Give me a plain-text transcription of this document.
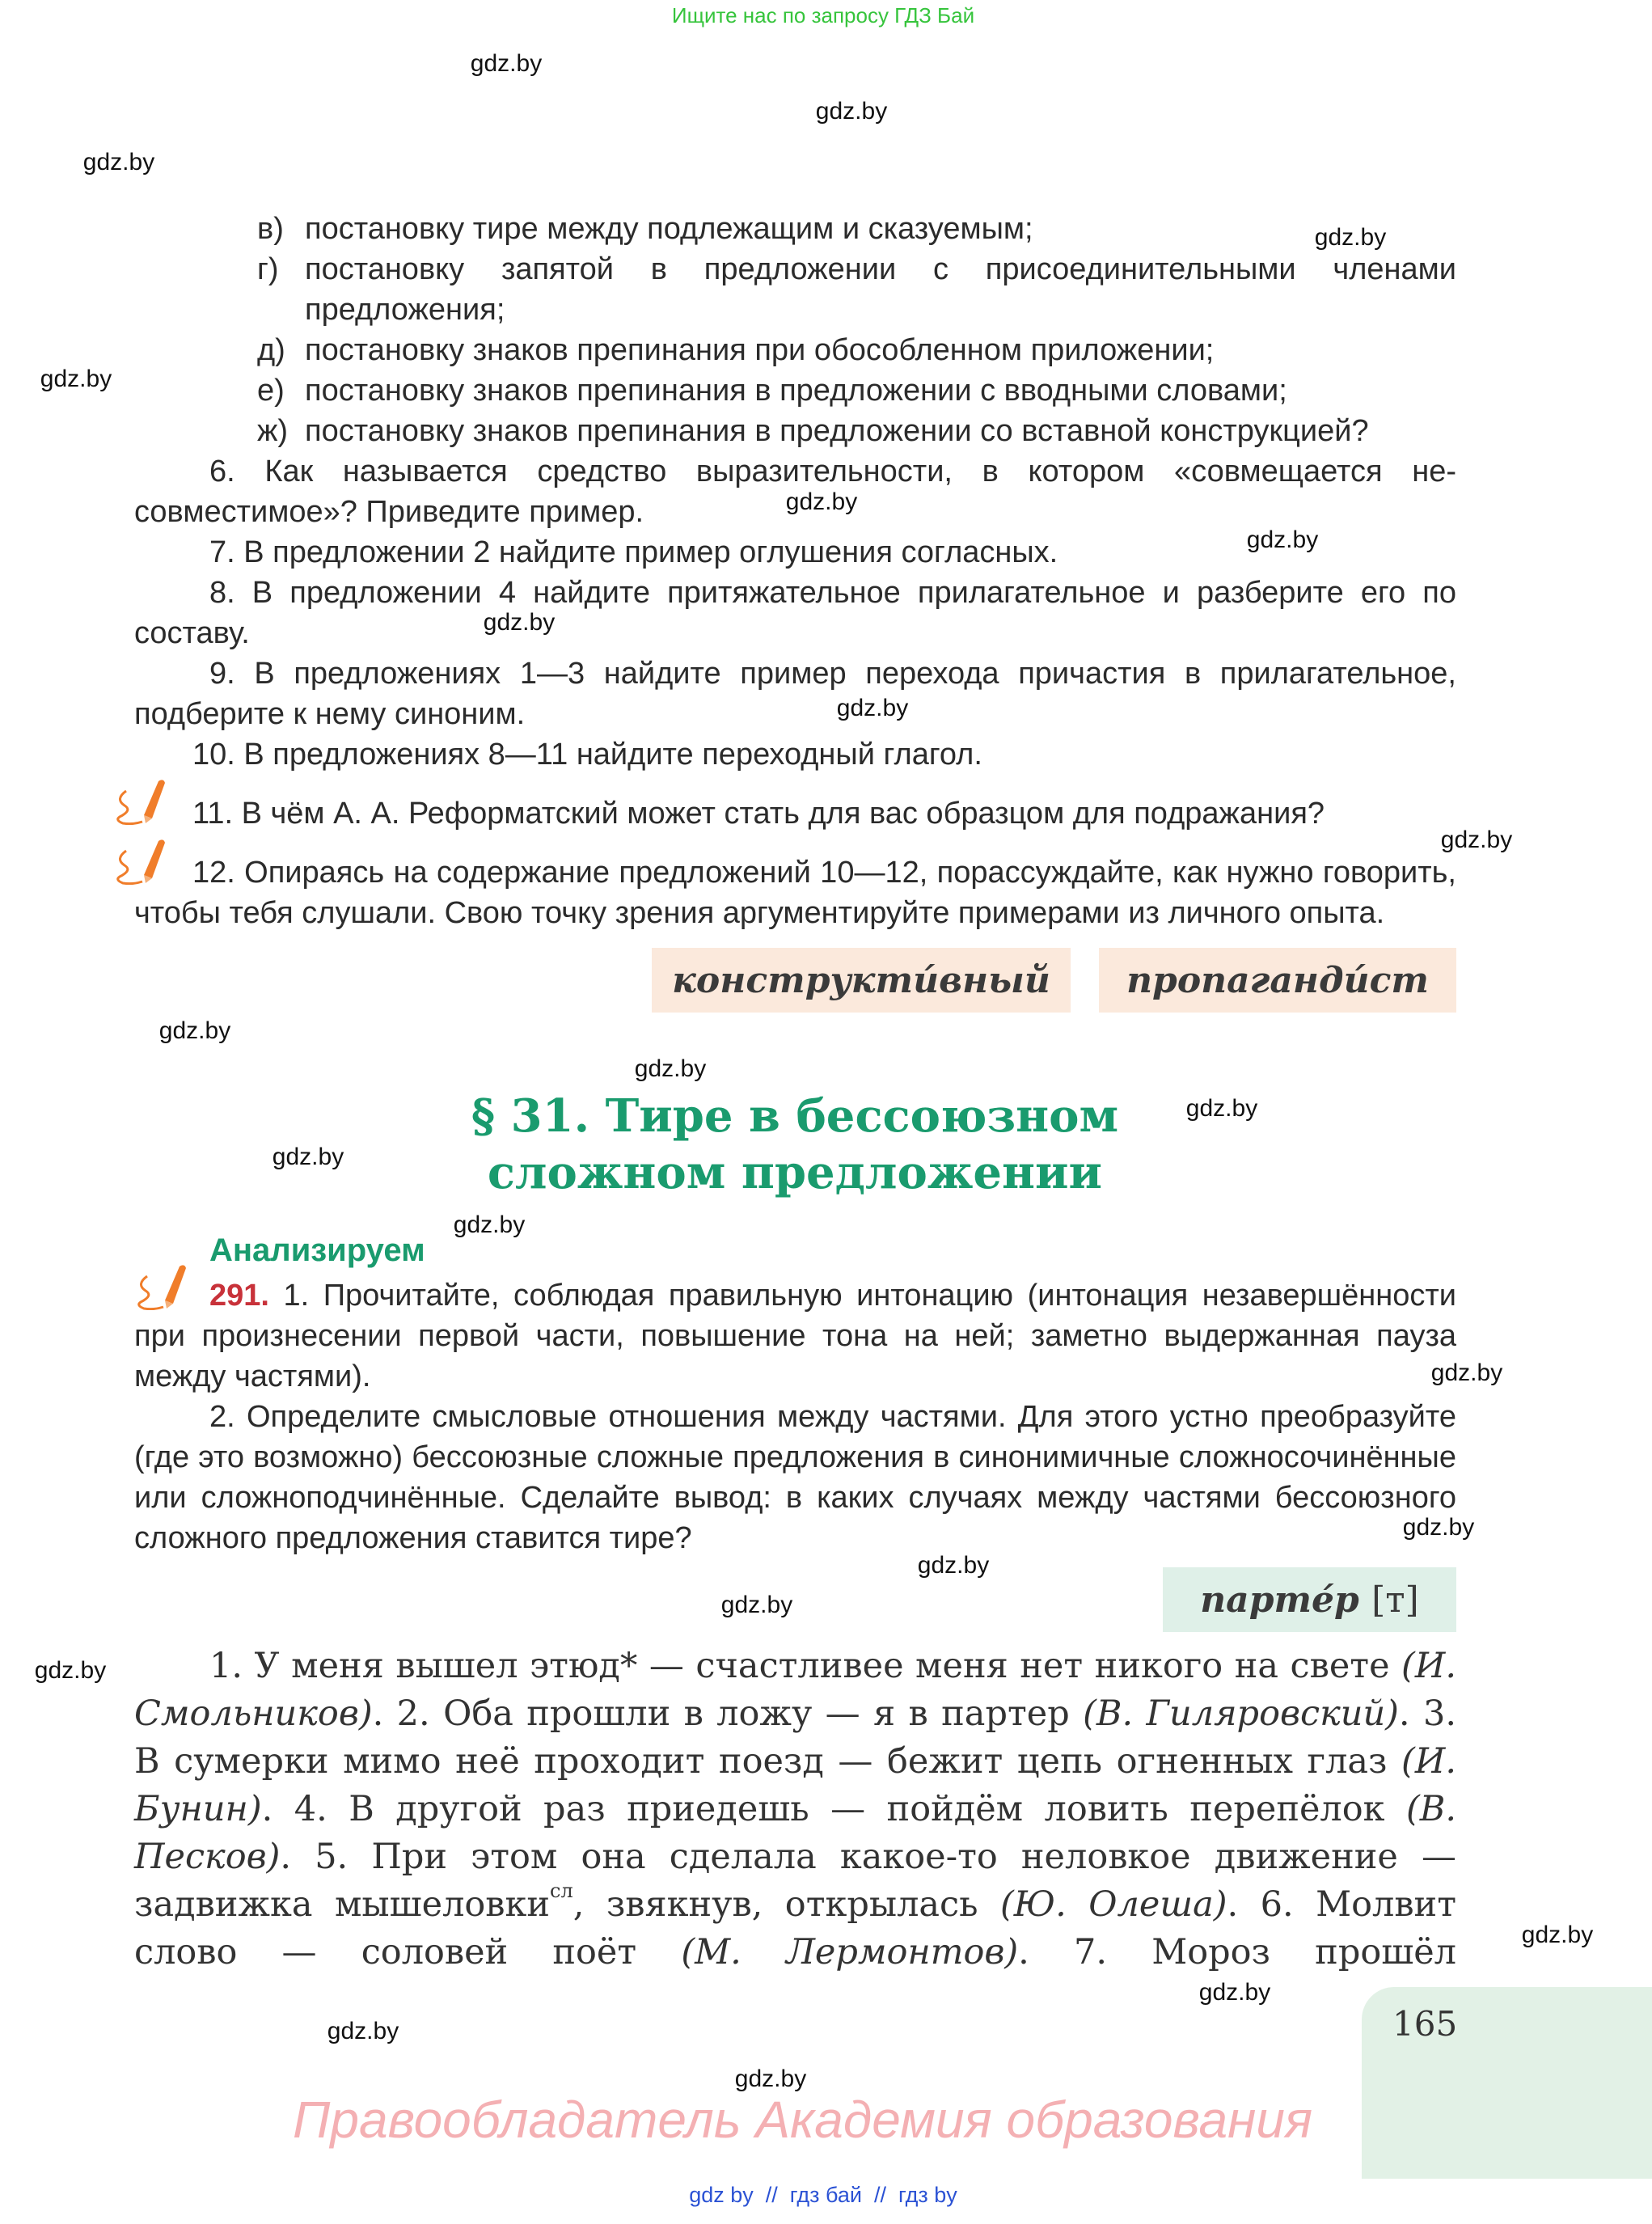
Ищите нас по запросу ГДЗ Бай
gdz.by
gdz.by
gdz.by
gdz.by
gdz.by
gdz.by
gdz.by
gdz.by
gdz.by
gdz.by
gdz.by
gdz.by
gdz.by
gdz.by
gdz.by
gdz.by
gdz.by
gdz.by
gdz.by
gdz.by
gdz.by
gdz.by
gdz.by
gdz.by
в) постановку тире между подлежащим и сказуемым;
г) постановку запятой в предложении с присоединительными членами предложения;
д) постановку знаков препинания при обособленном приложении;
е) постановку знаков препинания в предложении с вводными словами;
ж) постановку знаков препинания в предложении со вставной конструкцией?

6. Как называется средство выразительности, в котором «совмещается несовместимое»? Приведите пример.

7. В предложении 2 найдите пример оглушения согласных.

8. В предложении 4 найдите притяжательное прилагательное и разберите его по составу.

9. В предложениях 1—3 найдите пример перехода причастия в прилагательное, подберите к нему синоним.

10. В предложениях 8—11 найдите переходный глагол.

11. В чём А. А. Реформатский может стать для вас образцом для подражания?

12. Опираясь на содержание предложений 10—12, порассуждайте, как нужно говорить, чтобы тебя слушали. Свою точку зрения аргументируйте примерами из личного опыта.

конструкти́вный пропаганди́ст
§ 31. Тире в бессоюзном
сложном предложении
Анализируем

291. 1. Прочитайте, соблюдая правильную интонацию (интонация незавершённости при произнесении первой части, повышение тона на ней; заметно выдержанная пауза между частями).

2. Определите смысловые отношения между частями. Для этого устно преобразуйте (где это возможно) бессоюзные сложные предложения в синонимичные сложносочинённые или сложноподчинённые. Сделайте вывод: в каких случаях между частями бессоюзного сложного предложения ставится тире?

парте́р
[т]
1. У меня вышел этюд* — счастливее меня нет никого на свете (И. Смольников). 2. Оба прошли в ложу — я в партер (В. Гиляровский). 3. В сумерки мимо неё проходит поезд — бежит цепь огненных глаз (И. Бунин). 4. В другой раз приедешь — пойдём ловить перепёлок (В. Песков). 5. При этом она сделала какое-то неловкое движение — задвижка мышеловки$^{сл}$, звякнув, открылась (Ю. Олеша). 6. Молвит слово — соловей поёт (М. Лермонтов). 7. Мороз прошёл
165
Правообладатель Академия образования
gdz by  //  гдз бай  //  гдз by
